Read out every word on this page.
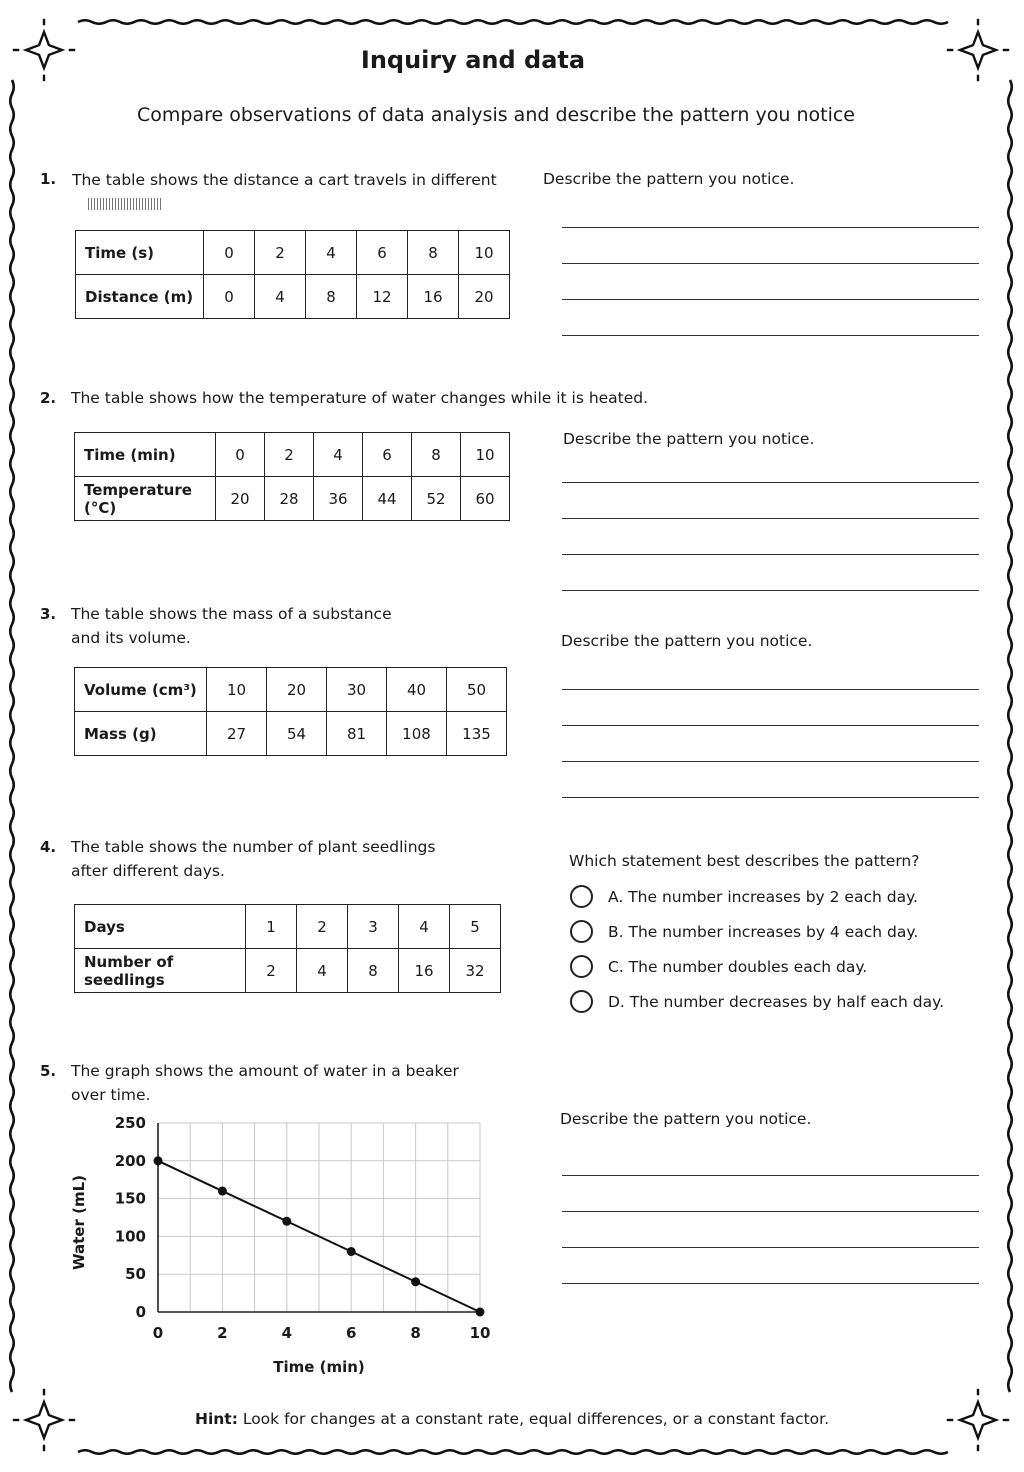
Inquiry and data
Compare observations of data analysis and describe the pattern you notice
1. The table shows the distance a cart travels in different
Time (s)	0	2	4	6	8	10
Distance (m)	0	4	8	12	16	20
Describe the pattern you notice.
2. The table shows how the temperature of water changes while it is heated.
Time (min)	0	2	4	6	8	10
Temperature (°C)	20	28	36	44	52	60
Describe the pattern you notice.
3. The table shows the mass of a substance
and its volume.
Volume (cm³)	10	20	30	40	50
Mass (g)	27	54	81	108	135
Describe the pattern you notice.
4. The table shows the number of plant seedlings
after different days.
Days	1	2	3	4	5
Number of seedlings	2	4	8	16	32
Which statement best describes the pattern?
A. The number increases by 2 each day.
B. The number increases by 4 each day.
C. The number doubles each day.
D. The number decreases by half each day.
5. The graph shows the amount of water in a beaker
over time.
0	2	4	6	8	10
0
50
100
150
200
250
Time (min)
Water (mL)
Describe the pattern you notice.
Hint: Look for changes at a constant rate, equal differences, or a constant factor.
